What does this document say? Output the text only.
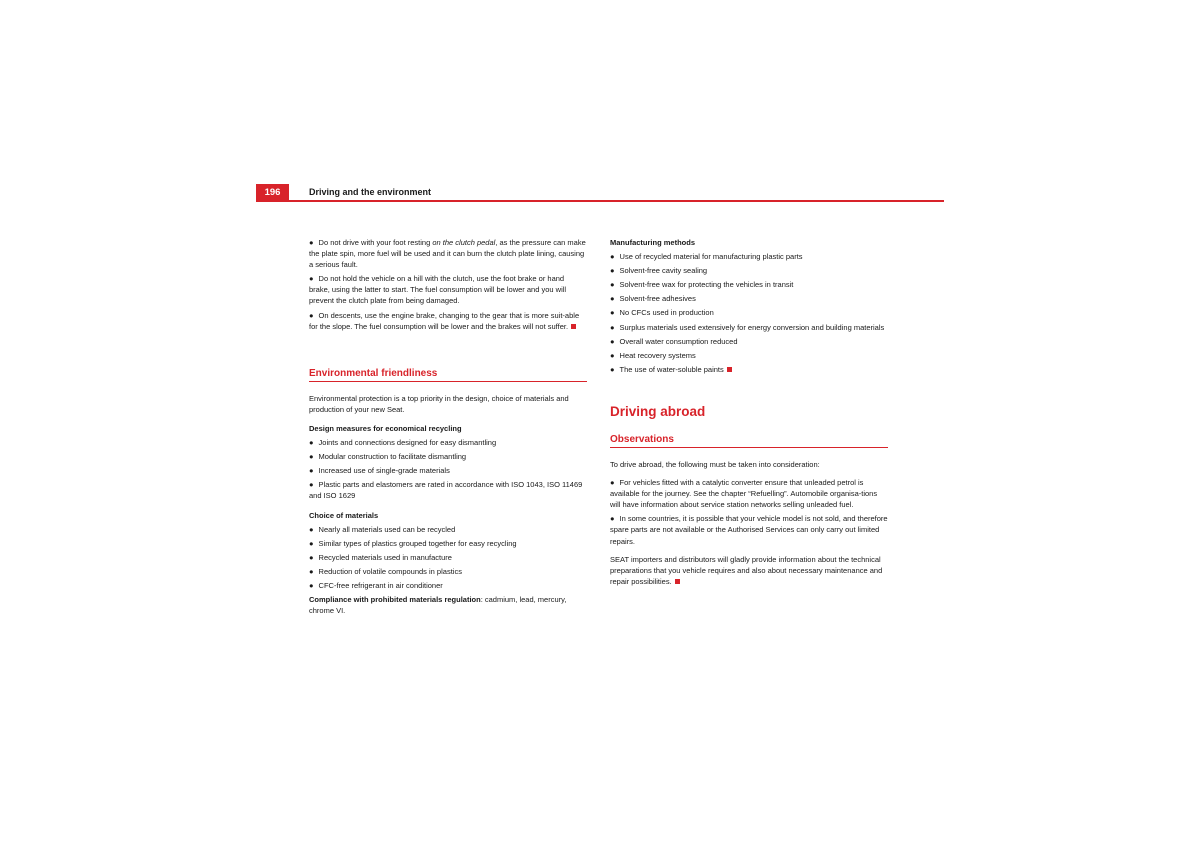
196	Driving and the environment

● Do not drive with your foot resting on the clutch pedal, as the pressure can make the plate spin, more fuel will be used and it can burn the clutch plate lining, causing a serious fault.

● Do not hold the vehicle on a hill with the clutch, use the foot brake or hand brake, using the latter to start. The fuel consumption will be lower and you will prevent the clutch plate from being damaged.

● On descents, use the engine brake, changing to the gear that is more suit-able for the slope. The fuel consumption will be lower and the brakes will not suffer.

Environmental friendliness

Environmental protection is a top priority in the design, choice of materials and production of your new Seat.

Design measures for economical recycling

● Joints and connections designed for easy dismantling

● Modular construction to facilitate dismantling

● Increased use of single-grade materials

● Plastic parts and elastomers are rated in accordance with ISO 1043, ISO 11469 and ISO 1629

Choice of materials

● Nearly all materials used can be recycled

● Similar types of plastics grouped together for easy recycling

● Recycled materials used in manufacture

● Reduction of volatile compounds in plastics

● CFC-free refrigerant in air conditioner

Compliance with prohibited materials regulation: cadmium, lead, mercury, chrome VI.

Manufacturing methods

● Use of recycled material for manufacturing plastic parts

● Solvent-free cavity sealing

● Solvent-free wax for protecting the vehicles in transit

● Solvent-free adhesives

● No CFCs used in production

● Surplus materials used extensively for energy conversion and building materials

● Overall water consumption reduced

● Heat recovery systems

● The use of water-soluble paints

Driving abroad
Observations

To drive abroad, the following must be taken into consideration:

● For vehicles fitted with a catalytic converter ensure that unleaded petrol is available for the journey. See the chapter “Refuelling”. Automobile organisa-tions will have information about service station networks selling unleaded fuel.

● In some countries, it is possible that your vehicle model is not sold, and therefore spare parts are not available or the Authorised Services can only carry out limited repairs.

SEAT importers and distributors will gladly provide information about the technical preparations that you vehicle requires and also about necessary maintenance and repair possibilities.
